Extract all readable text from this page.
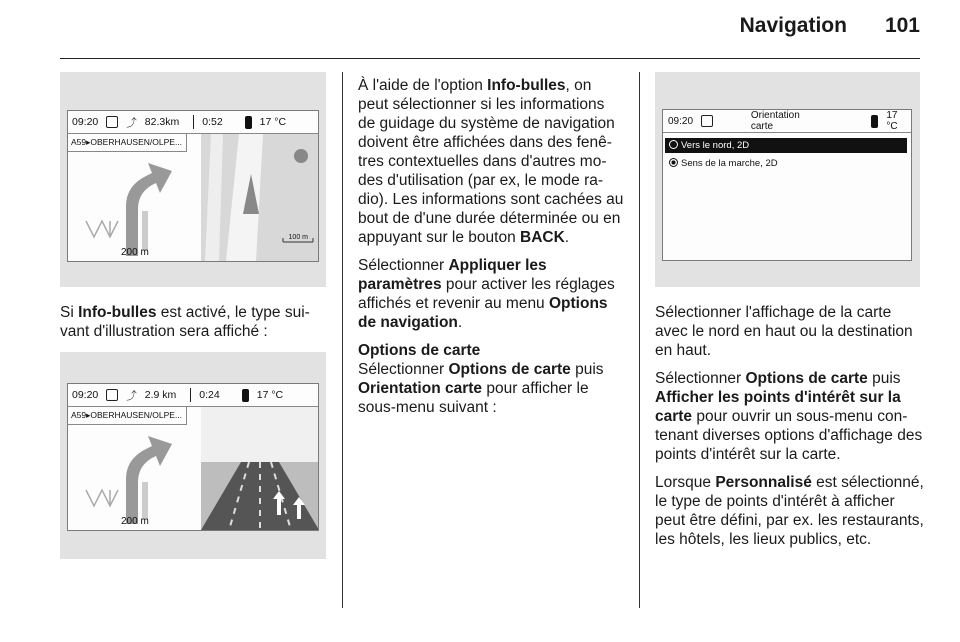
Navigation 101
09:20	⤴ 82.3km 0:52	17 °C
A59▸OBERHAUSEN/OLPE...
200 m
100 m

Si Info-bulles est activé, le type suivant d'illustration sera affiché :

09:20	⤴ 2.9 km 0:24	17 °C
A59▸OBERHAUSEN/OLPE...
200 m

À l'aide de l'option Info-bulles, on peut sélectionner si les informations de guidage du système de navigation doivent être affichées dans des fenêtres contextuelles dans d'autres modes d'utilisation (par ex, le mode radio). Les informations sont cachées au bout de d'une durée déterminée ou en appuyant sur le bouton BACK.

Sélectionner Appliquer les paramètres pour activer les réglages affichés et revenir au menu Options de navigation.

Options de carte

Sélectionner Options de carte puis Orientation carte pour afficher le sous-menu suivant :

09:20	Orientation carte
17 °C
Vers le nord, 2D
Sens de la marche, 2D

Sélectionner l'affichage de la carte avec le nord en haut ou la destination en haut.

Sélectionner Options de carte puis Afficher les points d'intérêt sur la carte pour ouvrir un sous-menu contenant diverses options d'affichage des points d'intérêt sur la carte.

Lorsque Personnalisé est sélectionné, le type de points d'intérêt à afficher peut être défini, par ex. les restaurants, les hôtels, les lieux publics, etc.
